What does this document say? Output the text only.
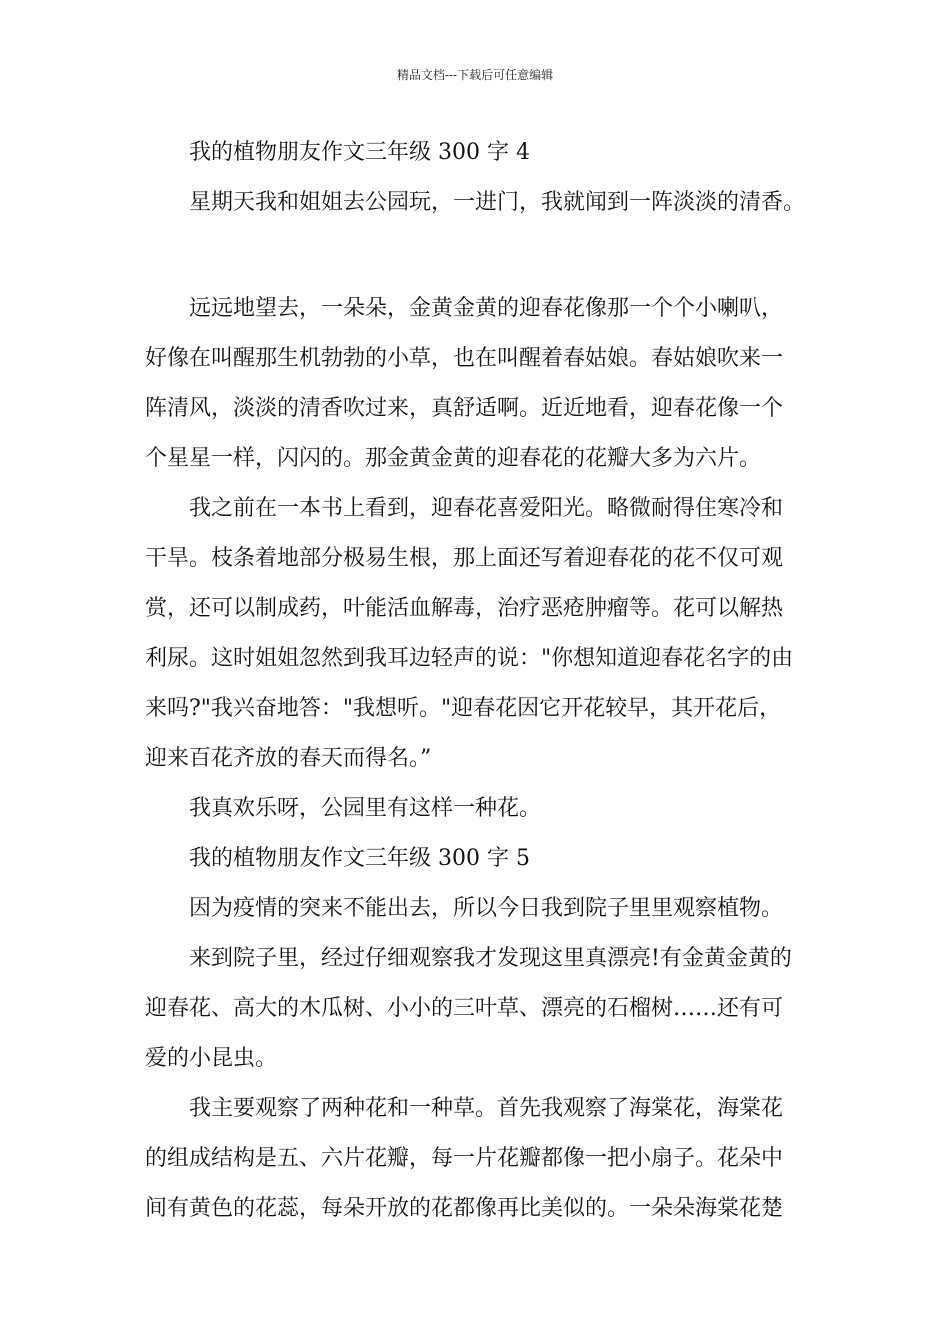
精品文档---下载后可任意编辑

我的植物朋友作文三年级 300 字 4

星期天我和姐姐去公园玩，一进门，我就闻到一阵淡淡的清香。

远远地望去，一朵朵，金黄金黄的迎春花像那一个个小喇叭，

好像在叫醒那生机勃勃的小草，也在叫醒着春姑娘。春姑娘吹来一

阵清风，淡淡的清香吹过来，真舒适啊。近近地看，迎春花像一个

个星星一样，闪闪的。那金黄金黄的迎春花的花瓣大多为六片。

我之前在一本书上看到，迎春花喜爱阳光。略微耐得住寒冷和

干旱。枝条着地部分极易生根，那上面还写着迎春花的花不仅可观

赏，还可以制成药，叶能活血解毒，治疗恶疮肿瘤等。花可以解热

利尿。这时姐姐忽然到我耳边轻声的说："你想知道迎春花名字的由

来吗?"我兴奋地答："我想听。"迎春花因它开花较早，其开花后，

迎来百花齐放的春天而得名。”

我真欢乐呀，公园里有这样一种花。

我的植物朋友作文三年级 300 字 5

因为疫情的突来不能出去，所以今日我到院子里里观察植物。

来到院子里，经过仔细观察我才发现这里真漂亮!有金黄金黄的

迎春花、高大的木瓜树、小小的三叶草、漂亮的石榴树……还有可

爱的小昆虫。

我主要观察了两种花和一种草。首先我观察了海棠花，海棠花

的组成结构是五、六片花瓣，每一片花瓣都像一把小扇子。花朵中

间有黄色的花蕊，每朵开放的花都像再比美似的。一朵朵海棠花楚
